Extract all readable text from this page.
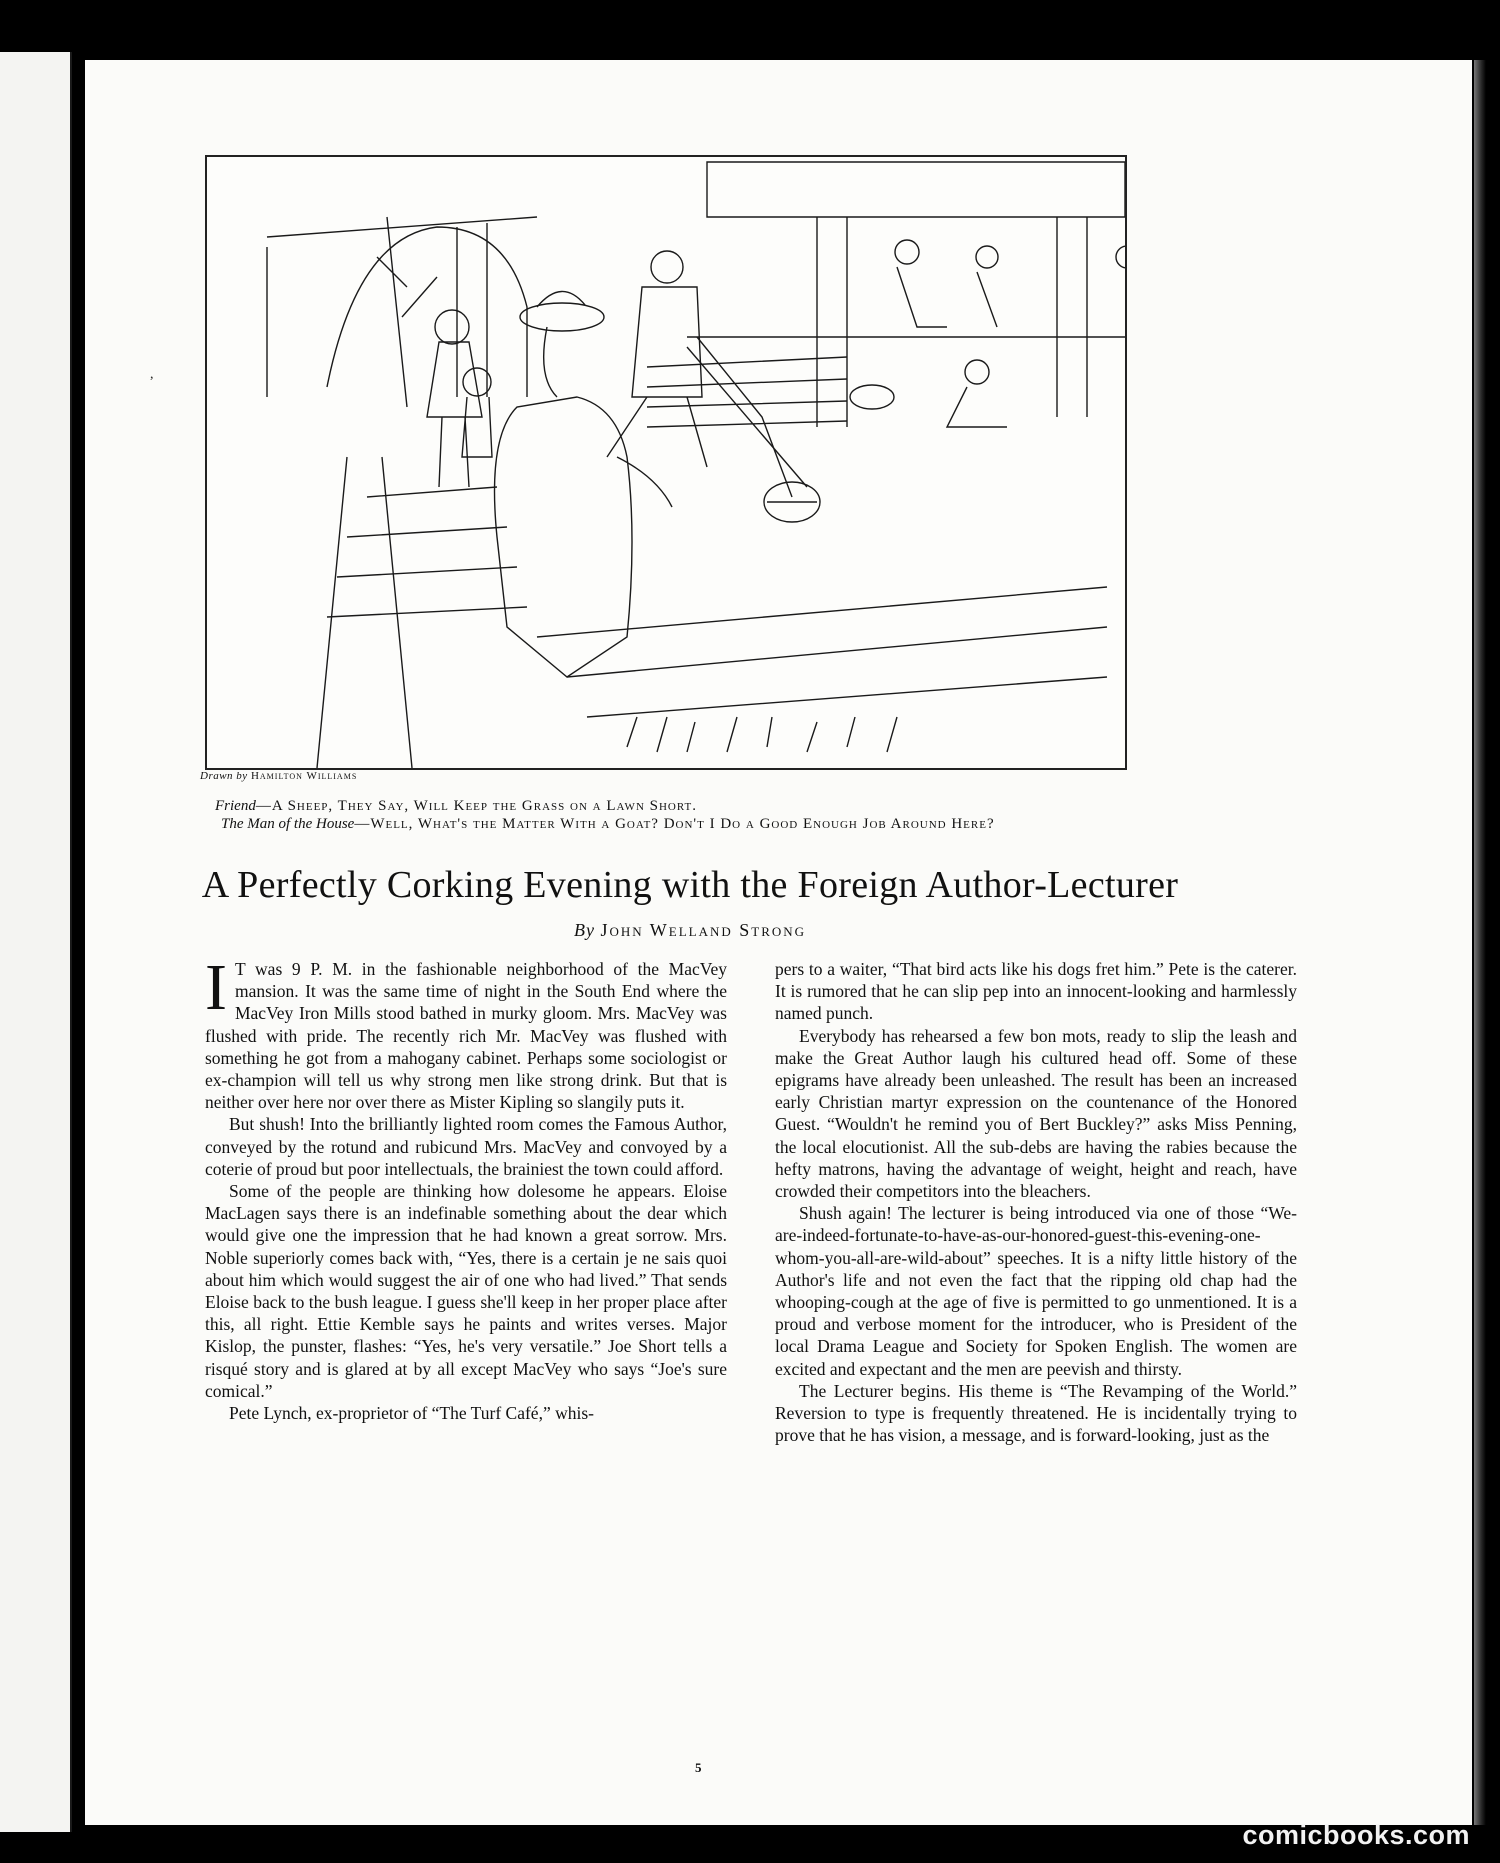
,
Drawn by Hamilton Williams

Friend—A Sheep, They Say, Will Keep the Grass on a Lawn Short.

The Man of the House—Well, What's the Matter With a Goat? Don't I Do a Good Enough Job Around Here?

A Perfectly Corking Evening with the Foreign Author-Lecturer
By John Welland Strong

I T was 9 P. M. in the fashionable neighborhood of the MacVey mansion. It was the same time of night in the South End where the MacVey Iron Mills stood bathed in murky gloom. Mrs. MacVey was flushed with pride. The recently rich Mr. MacVey was flushed with something he got from a mahogany cabinet. Perhaps some sociologist or ex-champion will tell us why strong men like strong drink. But that is neither over here nor over there as Mister Kipling so slangily puts it.

But shush! Into the brilliantly lighted room comes the Famous Author, conveyed by the rotund and rubicund Mrs. MacVey and convoyed by a coterie of proud but poor intellectuals, the brainiest the town could afford.

Some of the people are thinking how dolesome he appears. Eloise MacLagen says there is an indefinable something about the dear which would give one the impression that he had known a great sorrow. Mrs. Noble superiorly comes back with, “Yes, there is a certain je ne sais quoi about him which would suggest the air of one who had lived.” That sends Eloise back to the bush league. I guess she'll keep in her proper place after this, all right. Ettie Kemble says he paints and writes verses. Major Kislop, the punster, flashes: “Yes, he's very versatile.” Joe Short tells a risqué story and is glared at by all except MacVey who says “Joe's sure comical.”

Pete Lynch, ex-proprietor of “The Turf Café,” whis-

pers to a waiter, “That bird acts like his dogs fret him.” Pete is the caterer. It is rumored that he can slip pep into an innocent-looking and harmlessly named punch.

Everybody has rehearsed a few bon mots, ready to slip the leash and make the Great Author laugh his cultured head off. Some of these epigrams have already been unleashed. The result has been an increased early Christian martyr expression on the countenance of the Honored Guest. “Wouldn't he remind you of Bert Buckley?” asks Miss Penning, the local elocutionist. All the sub-debs are having the rabies because the hefty matrons, having the advantage of weight, height and reach, have crowded their competitors into the bleachers.

Shush again! The lecturer is being introduced via one of those “We-are-indeed-fortunate-to-have-as-our-honored-guest-this-evening-one-whom-you-all-are-wild-about” speeches. It is a nifty little history of the Author's life and not even the fact that the ripping old chap had the whooping-cough at the age of five is permitted to go unmentioned. It is a proud and verbose moment for the introducer, who is President of the local Drama League and Society for Spoken English. The women are excited and expectant and the men are peevish and thirsty.

The Lecturer begins. His theme is “The Revamping of the World.” Reversion to type is frequently threatened. He is incidentally trying to prove that he has vision, a message, and is forward-looking, just as the

5
comicbooks.com
